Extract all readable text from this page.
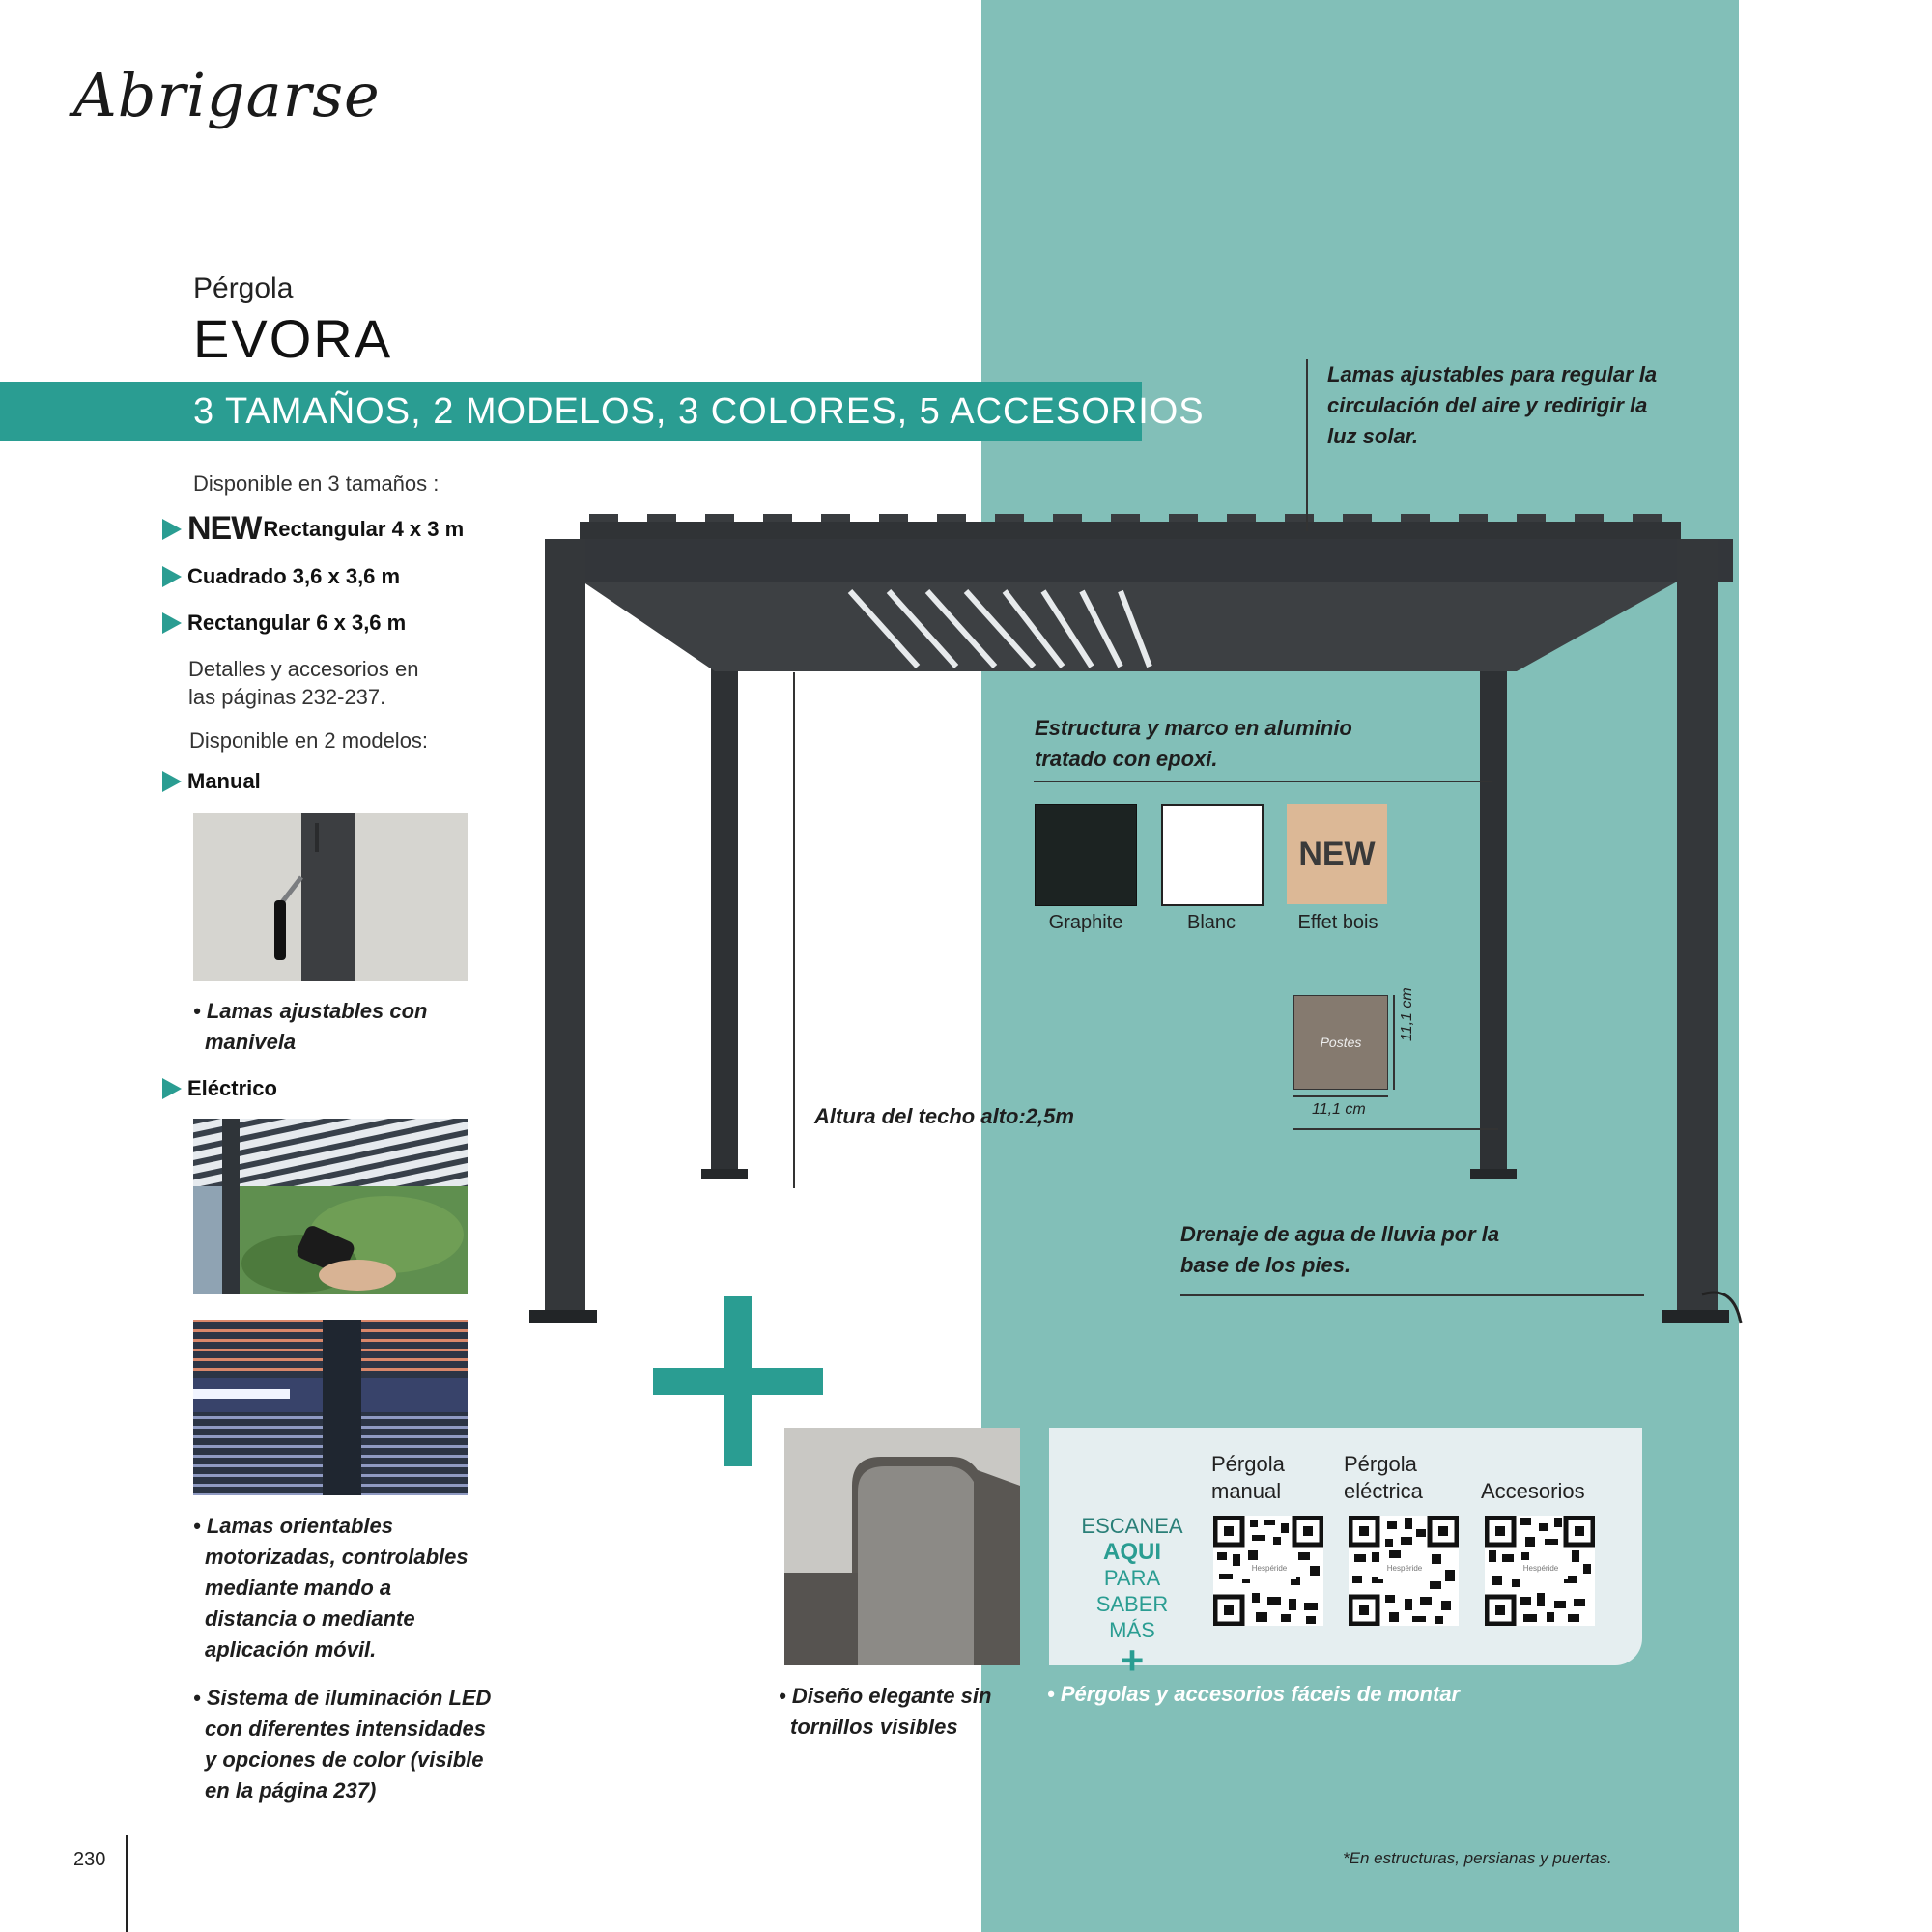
Abrigarse
Pérgola
EVORA
3 TAMAÑOS, 2 MODELOS, 3 COLORES, 5 ACCESORIOS
Disponible en 3 tamaños :
NEW Rectangular 4 x 3 m
Cuadrado 3,6 x 3,6 m
Rectangular 6 x 3,6 m
Detalles y accesorios en
las páginas 232-237.
Disponible en 2 modelos:
Manual
• Lamas ajustables con
manivela
Eléctrico
• Lamas orientables
motorizadas, controlables
mediante mando a
distancia o mediante
aplicación móvil.
• Sistema de iluminación LED
con diferentes intensidades
y opciones de color (visible
en la página 237)
Lamas ajustables para regular la
circulación del aire y redirigir la
luz solar.
Estructura y marco en aluminio
tratado con epoxi.
Altura del techo alto:2,5m
Drenaje de agua de lluvia por la
base de los pies.
NEW
Graphite	Blanc	Effet bois
Postes
11,1 cm
11,1 cm
• Diseño elegante sin
tornillos visibles
ESCANEA
AQUI PARA
SABER MÁS
+
Pérgola
manual
Pérgola
eléctrica	Accesorios
Hespéride	Hespéride	Hespéride
• Pérgolas y accesorios fáceis de montar
230	*En estructuras, persianas y puertas.
